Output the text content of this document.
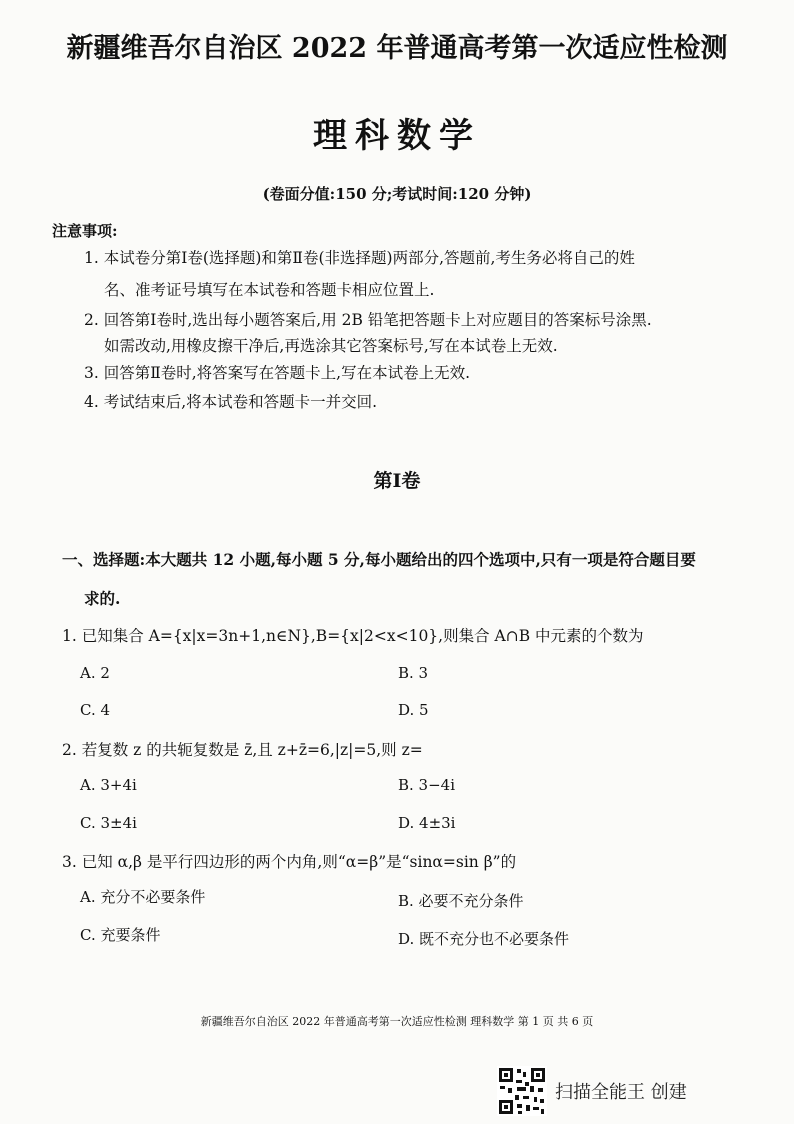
新疆维吾尔自治区 2022 年普通高考第一次适应性检测
理科数学
(卷面分值:150 分;考试时间:120 分钟)
注意事项:
1. 本试卷分第Ⅰ卷(选择题)和第Ⅱ卷(非选择题)两部分,答题前,考生务必将自己的姓
名、准考证号填写在本试卷和答题卡相应位置上.
2. 回答第Ⅰ卷时,选出每小题答案后,用 2B 铅笔把答题卡上对应题目的答案标号涂黑.
如需改动,用橡皮擦干净后,再选涂其它答案标号,写在本试卷上无效.
3. 回答第Ⅱ卷时,将答案写在答题卡上,写在本试卷上无效.
4. 考试结束后,将本试卷和答题卡一并交回.
第Ⅰ卷
一、选择题:本大题共 12 小题,每小题 5 分,每小题给出的四个选项中,只有一项是符合题目要
求的.
1. 已知集合 A={x|x=3n+1,n∈N},B={x|2<x<10},则集合 A∩B 中元素的个数为
A. 2	B. 3
C. 4	D. 5
2. 若复数 z 的共轭复数是 z̄,且 z+z̄=6,|z|=5,则 z=
A. 3+4i	B. 3−4i
C. 3±4i	D. 4±3i
3. 已知 α,β 是平行四边形的两个内角,则“α=β”是“sinα=sin β”的
A. 充分不必要条件	B. 必要不充分条件
C. 充要条件	D. 既不充分也不必要条件
新疆维吾尔自治区 2022 年普通高考第一次适应性检测 理科数学 第 1 页 共 6 页
扫描全能王 创建
